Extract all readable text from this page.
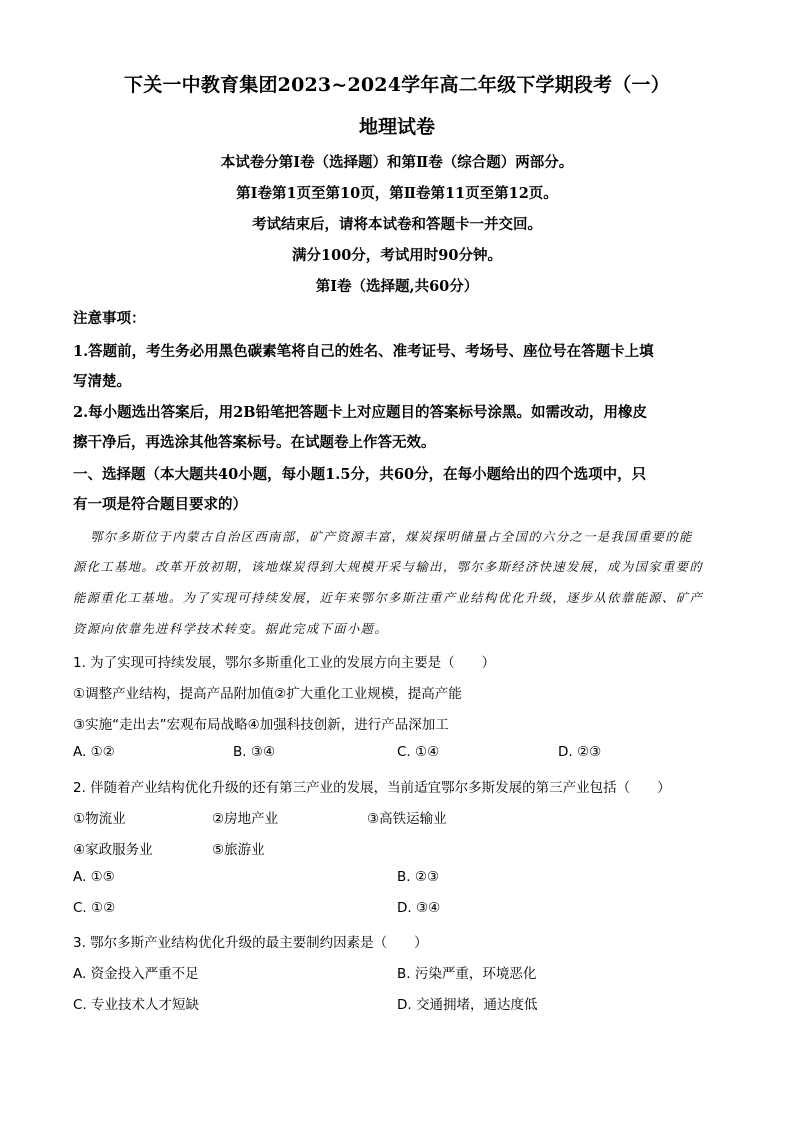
下关一中教育集团2023~2024学年高二年级下学期段考（一）
地理试卷
本试卷分第Ⅰ卷（选择题）和第Ⅱ卷（综合题）两部分。
第Ⅰ卷第1页至第10页，第Ⅱ卷第11页至第12页。
考试结束后，请将本试卷和答题卡一并交回。
满分100分，考试用时90分钟。
第Ⅰ卷（选择题,共60分）
注意事项：
1.答题前，考生务必用黑色碳素笔将自己的姓名、准考证号、考场号、座位号在答题卡上填
写清楚。
2.每小题选出答案后，用2B铅笔把答题卡上对应题目的答案标号涂黑。如需改动，用橡皮
擦干净后，再选涂其他答案标号。在试题卷上作答无效。
一、选择题（本大题共40小题，每小题1.5分，共60分，在每小题给出的四个选项中，只
有一项是符合题目要求的）
鄂尔多斯位于内蒙古自治区西南部，矿产资源丰富，煤炭探明储量占全国的六分之一是我国重要的能
源化工基地。改革开放初期，该地煤炭得到大规模开采与输出，鄂尔多斯经济快速发展，成为国家重要的
能源重化工基地。为了实现可持续发展，近年来鄂尔多斯注重产业结构优化升级，逐步从依靠能源、矿产
资源向依靠先进科学技术转变。据此完成下面小题。
1. 为了实现可持续发展，鄂尔多斯重化工业的发展方向主要是（　　）
①调整产业结构，提高产品附加值②扩大重化工业规模，提高产能
③实施“走出去”宏观布局战略④加强科技创新，进行产品深加工
A. ①②	B. ③④	C. ①④	D. ②③
2. 伴随着产业结构优化升级的还有第三产业的发展，当前适宜鄂尔多斯发展的第三产业包括（　　）
①物流业	②房地产业	③高铁运输业
④家政服务业	⑤旅游业
A. ①⑤	B. ②③
C. ①②	D. ③④
3. 鄂尔多斯产业结构优化升级的最主要制约因素是（　　）
A. 资金投入严重不足	B. 污染严重，环境恶化
C. 专业技术人才短缺	D. 交通拥堵，通达度低
